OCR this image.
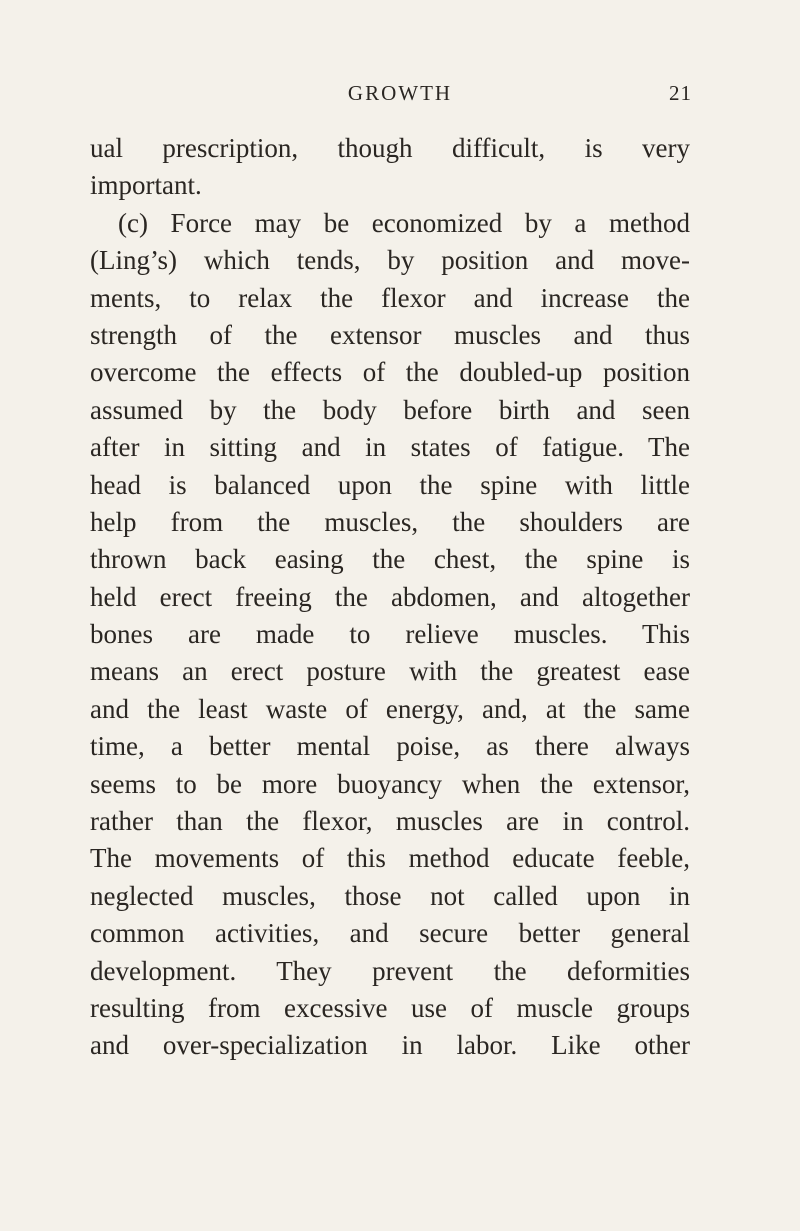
GROWTH	21
ual prescription, though difficult, is very
important.
(c) Force may be economized by a method
(Ling’s) which tends, by position and move-
ments, to relax the flexor and increase the
strength of the extensor muscles and thus
overcome the effects of the doubled-up position
assumed by the body before birth and seen
after in sitting and in states of fatigue. The
head is balanced upon the spine with little
help from the muscles, the shoulders are
thrown back easing the chest, the spine is
held erect freeing the abdomen, and altogether
bones are made to relieve muscles. This
means an erect posture with the greatest ease
and the least waste of energy, and, at the same
time, a better mental poise, as there always
seems to be more buoyancy when the extensor,
rather than the flexor, muscles are in control.
The movements of this method educate feeble,
neglected muscles, those not called upon in
common activities, and secure better general
development. They prevent the deformities
resulting from excessive use of muscle groups
and over-specialization in labor. Like other
